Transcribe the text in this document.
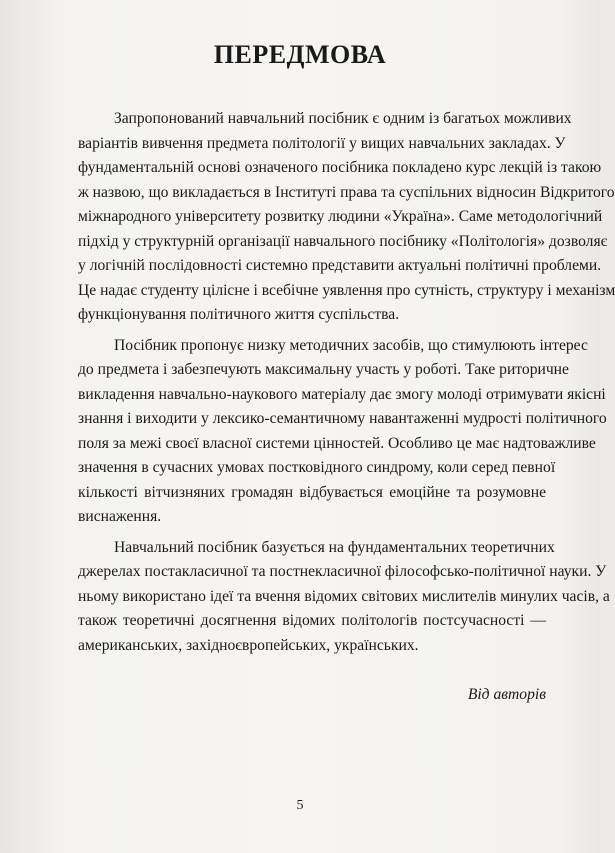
ПЕРЕДМОВА
Запропонований навчальний посібник є одним із багатьох можливих
варіантів вивчення предмета політології у вищих навчальних закладах. У
фундаментальній основі означеного посібника покладено курс лекцій із такою
ж назвою, що викладається в Інституті права та суспільних відносин Відкритого
міжнародного університету розвитку людини «Україна». Саме методологічний
підхід у структурній організації навчального посібнику «Політологія» дозволяє
у логічній послідовності системно представити актуальні політичні проблеми.
Це надає студенту цілісне і всебічне уявлення про сутність, структуру і механізм
функціонування політичного життя суспільства.
Посібник пропонує низку методичних засобів, що стимулюють інтерес
до предмета і забезпечують максимальну участь у роботі. Таке риторичне
викладення навчально-наукового матеріалу дає змогу молоді отримувати якісні
знання і виходити у лексико-семантичному навантаженні мудрості політичного
поля за межі своєї власної системи цінностей. Особливо це має надтоважливе
значення в сучасних умовах постковідного синдрому, коли серед певної
кількості вітчизняних громадян відбувається емоційне та розумовне
виснаження.
Навчальний посібник базується на фундаментальних теоретичних
джерелах постакласичної та постнекласичної філософсько-політичної науки. У
ньому використано ідеї та вчення відомих світових мислителів минулих часів, а
також теоретичні досягнення відомих політологів постсучасності —
американських, західноєвропейських, українських.
Від авторів
5
